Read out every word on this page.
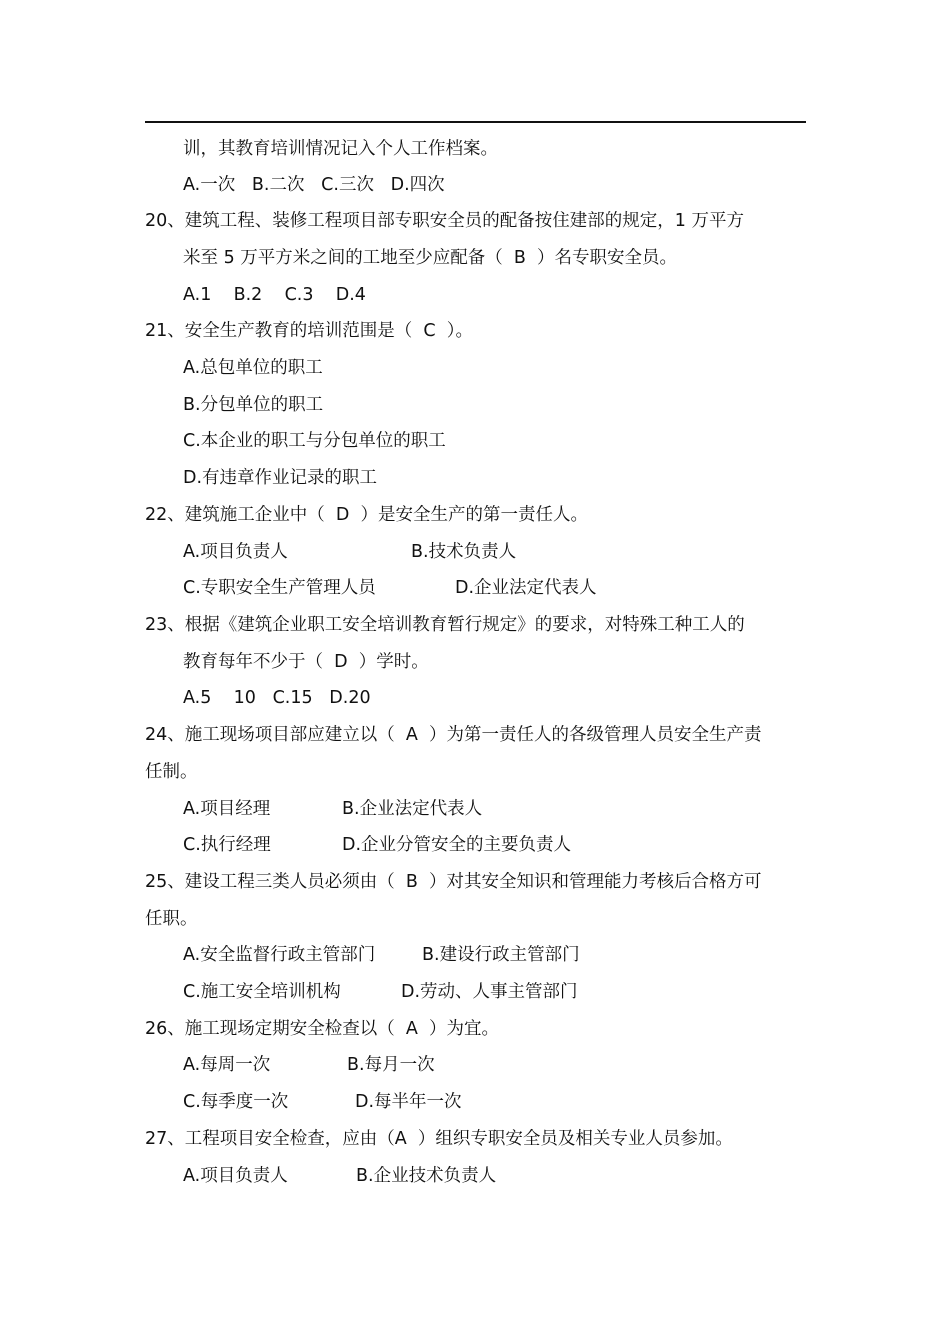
训，其教育培训情况记入个人工作档案。
A.一次   B.二次   C.三次   D.四次
20、建筑工程、装修工程项目部专职安全员的配备按住建部的规定，1 万平方
米至 5 万平方米之间的工地至少应配备（  B  ）名专职安全员。
A.1    B.2    C.3    D.4
21、安全生产教育的培训范围是（  C  ）。
A.总包单位的职工
B.分包单位的职工
C.本企业的职工与分包单位的职工
D.有违章作业记录的职工
22、建筑施工企业中（  D  ）是安全生产的第一责任人。
A.项目负责人	B.技术负责人
C.专职安全生产管理人员	D.企业法定代表人
23、根据《建筑企业职工安全培训教育暂行规定》的要求，对特殊工种工人的
教育每年不少于（  D  ）学时。
A.5    10   C.15   D.20
24、施工现场项目部应建立以（  A  ）为第一责任人的各级管理人员安全生产责
任制。
A.项目经理	B.企业法定代表人
C.执行经理	D.企业分管安全的主要负责人
25、建设工程三类人员必须由（  B  ）对其安全知识和管理能力考核后合格方可
任职。
A.安全监督行政主管部门	B.建设行政主管部门
C.施工安全培训机构	D.劳动、人事主管部门
26、施工现场定期安全检查以（  A  ）为宜。
A.每周一次	B.每月一次
C.每季度一次	D.每半年一次
27、工程项目安全检查，应由（A  ）组织专职安全员及相关专业人员参加。
A.项目负责人	B.企业技术负责人
